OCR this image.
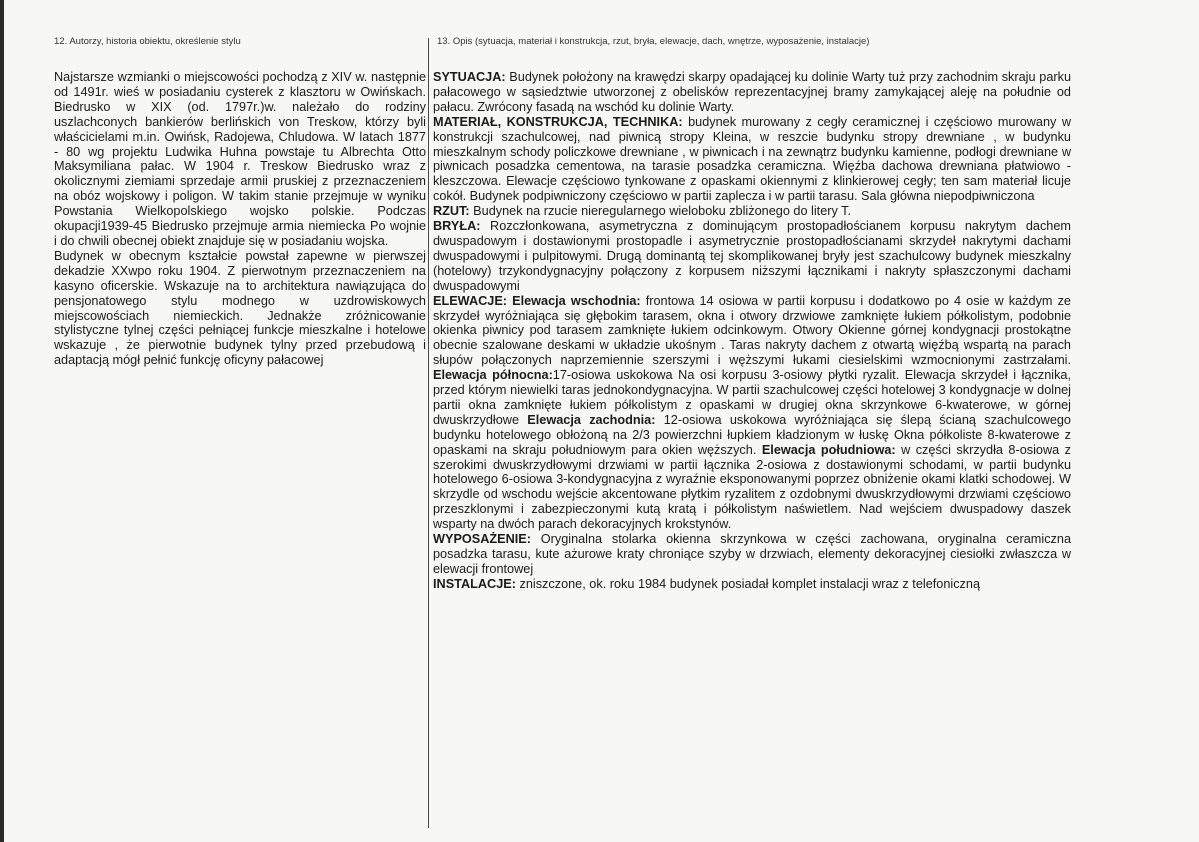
12. Autorzy, historia obiektu, określenie stylu	13. Opis (sytuacja, materiał i konstrukcja, rzut, bryła, elewacje, dach, wnętrze, wyposażenie, instalacje)

Najstarsze wzmianki o miejscowości pochodzą z XIV w. następnie od 1491r. wieś w posiadaniu cysterek z klasztoru w Owińskach. Biedrusko w XIX (od. 1797r.)w. należało do rodziny uszlachconych bankierów berlińskich von Treskow, którzy byli właścicielami m.in. Owińsk, Radojewa, Chludowa. W latach 1877 - 80 wg projektu Ludwika Huhna powstaje tu Albrechta Otto Maksymiliana pałac. W 1904 r. Treskow Biedrusko wraz z okolicznymi ziemiami sprzedaje armii pruskiej z przeznaczeniem na obóz wojskowy i poligon. W takim stanie przejmuje w wyniku Powstania Wielkopolskiego wojsko polskie. Podczas okupacji1939-45 Biedrusko przejmuje armia niemiecka Po wojnie i do chwili obecnej obiekt znajduje się w posiadaniu wojska.

Budynek w obecnym kształcie powstał zapewne w pierwszej dekadzie XXwpo roku 1904. Z pierwotnym przeznaczeniem na kasyno oficerskie. Wskazuje na to architektura nawiązująca do pensjonatowego stylu modnego w uzdrowiskowych miejscowościach niemieckich. Jednakże zróżnicowanie stylistyczne tylnej części pełniącej funkcje mieszkalne i hotelowe wskazuje , że pierwotnie budynek tylny przed przebudową i adaptacją mógł pełnić funkcję oficyny pałacowej

SYTUACJA: Budynek położony na krawędzi skarpy opadającej ku dolinie Warty tuż przy zachodnim skraju parku pałacowego w sąsiedztwie utworzonej z obelisków reprezentacyjnej bramy zamykającej aleję na południe od pałacu. Zwrócony fasadą na wschód ku dolinie Warty.

MATERIAŁ, KONSTRUKCJA, TECHNIKA: budynek murowany z cegły ceramicznej i częściowo murowany w konstrukcji szachulcowej, nad piwnicą stropy Kleina, w reszcie budynku stropy drewniane , w budynku mieszkalnym schody policzkowe drewniane , w piwnicach i na zewnątrz budynku kamienne, podłogi drewniane w piwnicach posadzka cementowa, na tarasie posadzka ceramiczna. Więźba dachowa drewniana płatwiowo - kleszczowa. Elewacje częściowo tynkowane z opaskami okiennymi z klinkierowej cegły; ten sam materiał licuje cokół. Budynek podpiwniczony częściowo w partii zaplecza i w partii tarasu. Sala główna niepodpiwniczona

RZUT: Budynek na rzucie nieregularnego wieloboku zbliżonego do litery T.

BRYŁA: Rozczłonkowana, asymetryczna z dominującym prostopadłościanem korpusu nakrytym dachem dwuspadowym i dostawionymi prostopadle i asymetrycznie prostopadłościanami skrzydeł nakrytymi dachami dwuspadowymi i pulpitowymi. Drugą dominantą tej skomplikowanej bryły jest szachulcowy budynek mieszkalny (hotelowy) trzykondygnacyjny połączony z korpusem niższymi łącznikami i nakryty spłaszczonymi dachami dwuspadowymi

ELEWACJE: Elewacja wschodnia: frontowa 14 osiowa w partii korpusu i dodatkowo po 4 osie w każdym ze skrzydeł wyróżniająca się głębokim tarasem, okna i otwory drzwiowe zamknięte łukiem półkolistym, podobnie okienka piwnicy pod tarasem zamknięte łukiem odcinkowym. Otwory Okienne górnej kondygnacji prostokątne obecnie szalowane deskami w układzie ukośnym . Taras nakryty dachem z otwartą więźbą wspartą na parach słupów połączonych naprzemiennie szerszymi i węższymi łukami ciesielskimi wzmocnionymi zastrzałami. Elewacja północna:17-osiowa uskokowa Na osi korpusu 3-osiowy płytki ryzalit. Elewacja skrzydeł i łącznika, przed którym niewielki taras jednokondygnacyjna. W partii szachulcowej części hotelowej 3 kondygnacje w dolnej partii okna zamknięte łukiem półkolistym z opaskami w drugiej okna skrzynkowe 6-kwaterowe, w górnej dwuskrzydłowe Elewacja zachodnia: 12-osiowa uskokowa wyróżniająca się ślepą ścianą szachulcowego budynku hotelowego obłożoną na 2/3 powierzchni łupkiem kładzionym w łuskę Okna półkoliste 8-kwaterowe z opaskami na skraju południowym para okien węższych. Elewacja południowa: w części skrzydła 8-osiowa z szerokimi dwuskrzydłowymi drzwiami w partii łącznika 2-osiowa z dostawionymi schodami, w partii budynku hotelowego 6-osiowa 3-kondygnacyjna z wyraźnie eksponowanymi poprzez obniżenie okami klatki schodowej. W skrzydle od wschodu wejście akcentowane płytkim ryzalitem z ozdobnymi dwuskrzydłowymi drzwiami częściowo przeszklonymi i zabezpieczonymi kutą kratą i półkolistym naświetlem. Nad wejściem dwuspadowy daszek wsparty na dwóch parach dekoracyjnych krokstynów.

WYPOSAŻENIE: Oryginalna stolarka okienna skrzynkowa w części zachowana, oryginalna ceramiczna posadzka tarasu, kute ażurowe kraty chroniące szyby w drzwiach, elementy dekoracyjnej ciesiołki zwłaszcza w elewacji frontowej

INSTALACJE: zniszczone, ok. roku 1984 budynek posiadał komplet instalacji wraz z telefoniczną
